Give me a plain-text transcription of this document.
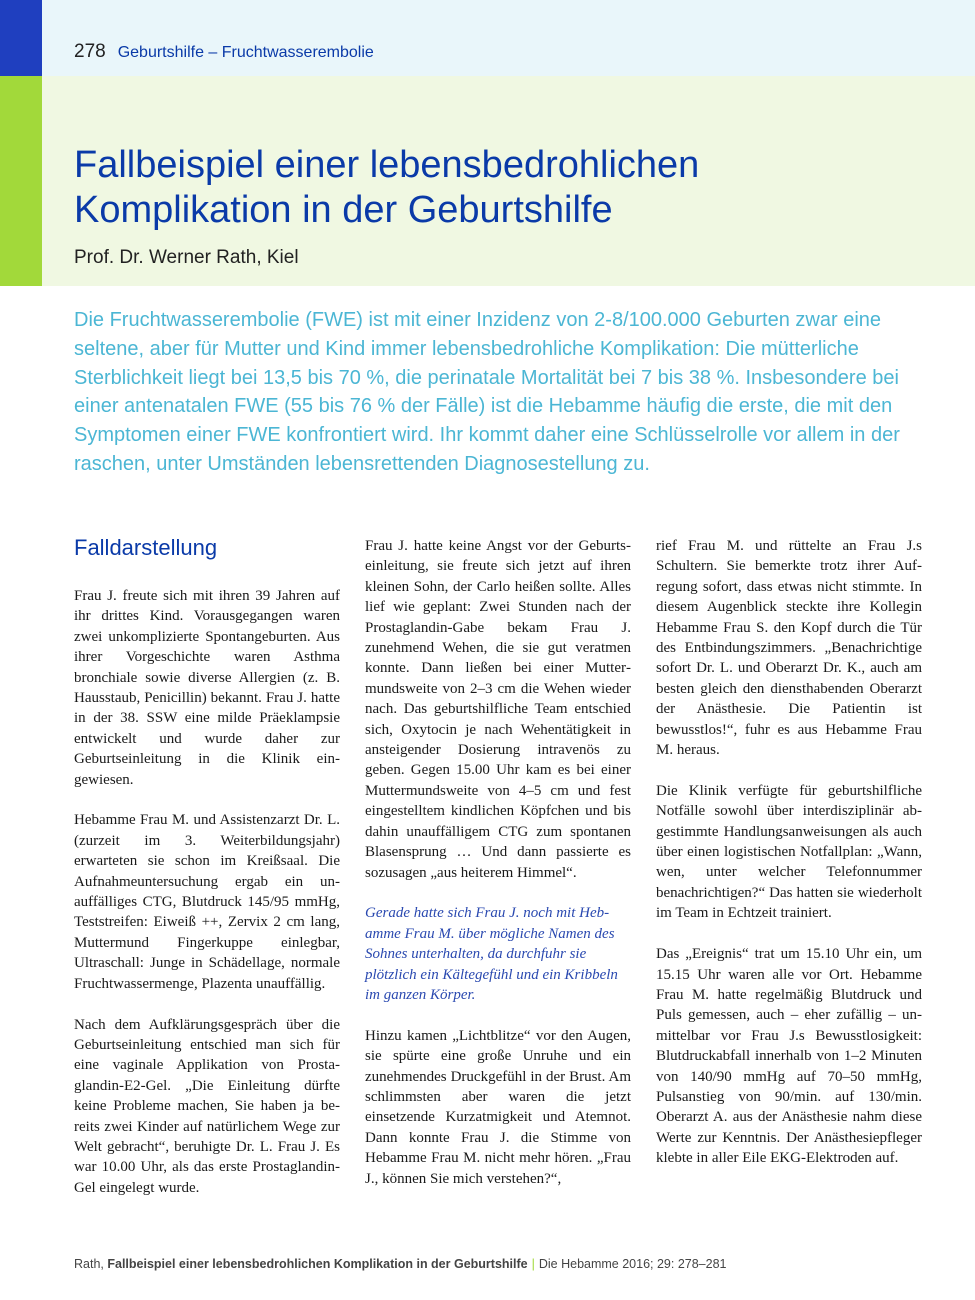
278 Geburtshilfe – Fruchtwasserembolie
Fallbeispiel einer lebensbedrohlichen
Komplikation in der Geburtshilfe
Prof. Dr. Werner Rath, Kiel

Die Fruchtwasserembolie (FWE) ist mit einer Inzidenz von 2-8/100.000 Geburten zwar eine seltene, aber für Mutter und Kind immer lebensbedrohliche Komplikation: Die mütterliche Sterblichkeit liegt bei 13,5 bis 70 %, die perinatale Mortalität bei 7 bis 38 %. Insbesondere bei einer antenatalen FWE (55 bis 76 % der Fälle) ist die Hebamme häufig die erste, die mit den Symptomen einer FWE konfrontiert wird. Ihr kommt daher eine Schlüsselrolle vor allem in der raschen, unter Umständen lebensrettenden Diagnosestellung zu.

Falldarstellung

Frau J. freute sich mit ihren 39 Jahren auf ihr drittes Kind. Vorausgegangen waren zwei unkomplizierte Spontangeburten. Aus ihrer Vorgeschichte waren Asthma bronchiale sowie diverse Allergien (z. B. Hausstaub, Penicillin) bekannt. Frau J. hatte in der 38. SSW eine milde Präeklampsie entwickelt und wurde daher zur Geburtseinleitung in die Klinik eingewiesen.

Hebamme Frau M. und Assistenzarzt Dr. L. (zurzeit im 3. Weiterbildungsjahr) erwarteten sie schon im Kreißsaal. Die Aufnahmeuntersuchung ergab ein unauffälliges CTG, Blutdruck 145/95 mmHg, Teststreifen: Eiweiß ++, Zervix 2 cm lang, Muttermund Fingerkuppe einlegbar, Ultraschall: Junge in Schädellage, normale Fruchtwassermenge, Plazenta unauffällig.

Nach dem Aufklärungsgespräch über die Geburtseinleitung entschied man sich für eine vaginale Applikation von Prostaglandin-E2-Gel. „Die Einleitung dürfte keine Probleme machen, Sie haben ja bereits zwei Kinder auf natürlichem Wege zur Welt gebracht“, beruhigte Dr. L. Frau J. Es war 10.00 Uhr, als das erste Prostaglandin-Gel eingelegt wurde.

Frau J. hatte keine Angst vor der Geburtseinleitung, sie freute sich jetzt auf ihren kleinen Sohn, der Carlo heißen sollte. Alles lief wie geplant: Zwei Stunden nach der Prostaglandin-Gabe bekam Frau J. zunehmend Wehen, die sie gut veratmen konnte. Dann ließen bei einer Muttermundsweite von 2–3 cm die Wehen wieder nach. Das geburtshilfliche Team entschied sich, Oxytocin je nach Wehentätigkeit in ansteigender Dosierung intravenös zu geben. Gegen 15.00 Uhr kam es bei einer Muttermundsweite von 4–5 cm und fest eingestelltem kindlichen Köpfchen und bis dahin unauffälligem CTG zum spontanen Blasensprung … Und dann passierte es sozusagen „aus heiterem Himmel“.

Gerade hatte sich Frau J. noch mit Hebamme Frau M. über mögliche Namen des Sohnes unterhalten, da durchfuhr sie plötzlich ein Kältegefühl und ein Kribbeln im ganzen Körper.

Hinzu kamen „Lichtblitze“ vor den Augen, sie spürte eine große Unruhe und ein zunehmendes Druckgefühl in der Brust. Am schlimmsten aber waren die jetzt einsetzende Kurzatmigkeit und Atemnot. Dann konnte Frau J. die Stimme von Hebamme Frau M. nicht mehr hören. „Frau J., können Sie mich verstehen?“,

rief Frau M. und rüttelte an Frau J.s Schultern. Sie bemerkte trotz ihrer Aufregung sofort, dass etwas nicht stimmte. In diesem Augenblick steckte ihre Kollegin Hebamme Frau S. den Kopf durch die Tür des Entbindungszimmers. „Benachrichtige sofort Dr. L. und Oberarzt Dr. K., auch am besten gleich den diensthabenden Oberarzt der Anästhesie. Die Patientin ist bewusstlos!“, fuhr es aus Hebamme Frau M. heraus.

Die Klinik verfügte für geburtshilfliche Notfälle sowohl über interdisziplinär abgestimmte Handlungsanweisungen als auch über einen logistischen Notfallplan: „Wann, wen, unter welcher Telefonnummer benachrichtigen?“ Das hatten sie wiederholt im Team in Echtzeit trainiert.

Das „Ereignis“ trat um 15.10 Uhr ein, um 15.15 Uhr waren alle vor Ort. Hebamme Frau M. hatte regelmäßig Blutdruck und Puls gemessen, auch – eher zufällig – unmittelbar vor Frau J.s Bewusstlosigkeit: Blutdruckabfall innerhalb von 1–2 Minuten von 140/90 mmHg auf 70–50 mmHg, Pulsanstieg von 90/min. auf 130/min. Oberarzt A. aus der Anästhesie nahm diese Werte zur Kenntnis. Der Anästhesiepfleger klebte in aller Eile EKG-Elektroden auf.

Rath, Fallbeispiel einer lebensbedrohlichen Komplikation in der Geburtshilfe | Die Hebamme 2016; 29: 278–281
